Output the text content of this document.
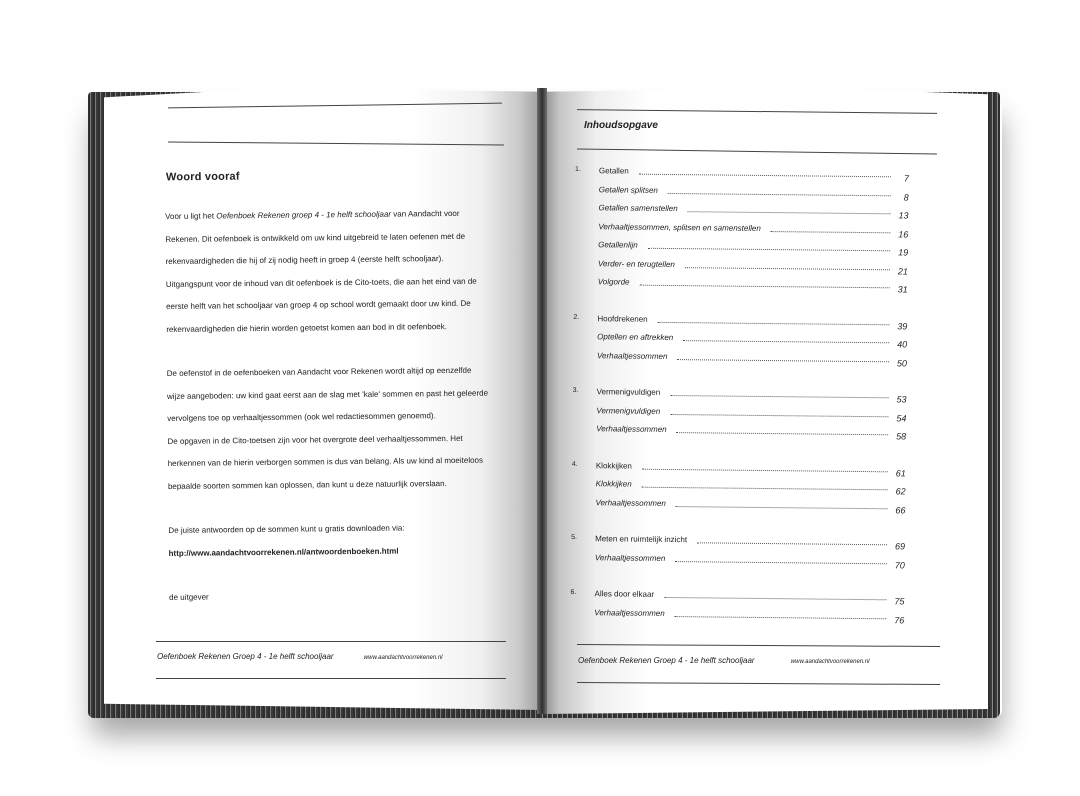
Woord vooraf

Voor u ligt het Oefenboek Rekenen groep 4 - 1e helft schooljaar van Aandacht voor

Rekenen. Dit oefenboek is ontwikkeld om uw kind uitgebreid te laten oefenen met de

rekenvaardigheden die hij of zij nodig heeft in groep 4 (eerste helft schooljaar).

Uitgangspunt voor de inhoud van dit oefenboek is de Cito-toets, die aan het eind van de

eerste helft van het schooljaar van groep 4 op school wordt gemaakt door uw kind. De

rekenvaardigheden die hierin worden getoetst komen aan bod in dit oefenboek.

De oefenstof in de oefenboeken van Aandacht voor Rekenen wordt altijd op eenzelfde

wijze aangeboden: uw kind gaat eerst aan de slag met 'kale' sommen en past het geleerde

vervolgens toe op verhaaltjessommen (ook wel redactiesommen genoemd).

De opgaven in de Cito-toetsen zijn voor het overgrote deel verhaaltjessommen. Het

herkennen van de hierin verborgen sommen is dus van belang. Als uw kind al moeiteloos

bepaalde soorten sommen kan oplossen, dan kunt u deze natuurlijk overslaan.

De juiste antwoorden op de sommen kunt u gratis downloaden via:

http://www.aandachtvoorrekenen.nl/antwoordenboeken.html

de uitgever

Oefenboek Rekenen Groep 4 - 1e helft schooljaar	www.aandachtvoorrekenen.nl
Inhoudsopgave
1. Getallen
7
Getallen splitsen
8
Getallen samenstellen
13
Verhaaltjessommen, splitsen en samenstellen
16
Getallenlijn
19
Verder- en terugtellen
21
Volgorde
31
2. Hoofdrekenen
39
Optellen en aftrekken
40
Verhaaltjessommen
50
3. Vermenigvuldigen
53
Vermenigvuldigen
54
Verhaaltjessommen
58
4. Klokkijken
61
Klokkijken
62
Verhaaltjessommen
66
5. Meten en ruimtelijk inzicht
69
Verhaaltjessommen
70
6. Alles door elkaar
75
Verhaaltjessommen
76
Oefenboek Rekenen Groep 4 - 1e helft schooljaar	www.aandachtvoorrekenen.nl
